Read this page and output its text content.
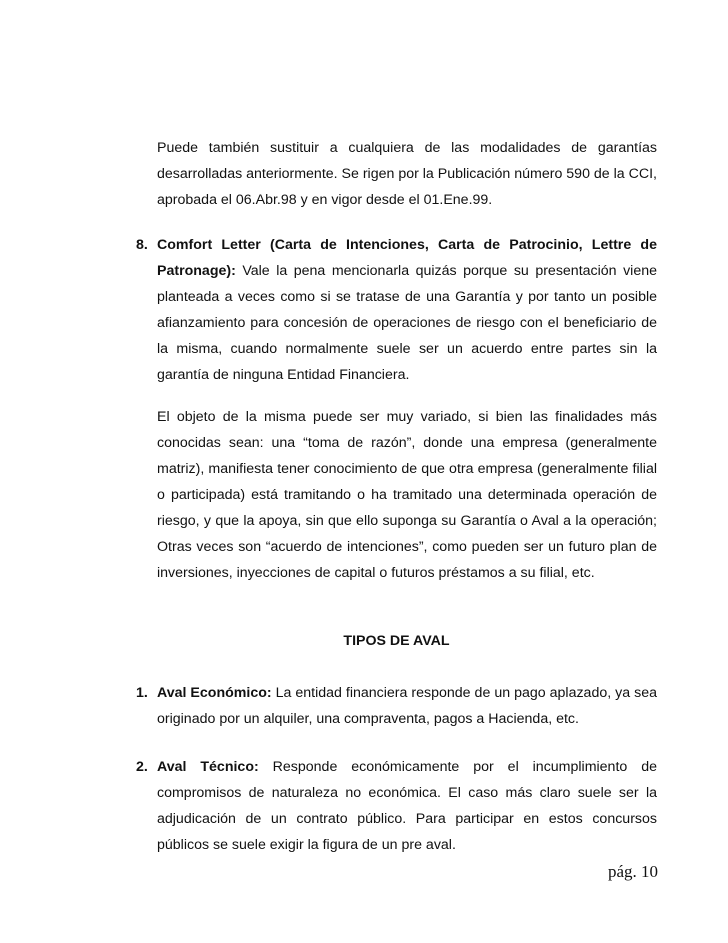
Puede también sustituir a cualquiera de las modalidades de garantías desarrolladas anteriormente. Se rigen por la Publicación número 590 de la CCI, aprobada el 06.Abr.98 y en vigor desde el 01.Ene.99.

8. Comfort Letter (Carta de Intenciones, Carta de Patrocinio, Lettre de Patronage): Vale la pena mencionarla quizás porque su presentación viene planteada a veces como si se tratase de una Garantía y por tanto un posible afianzamiento para concesión de operaciones de riesgo con el beneficiario de la misma, cuando normalmente suele ser un acuerdo entre partes sin la garantía de ninguna Entidad Financiera.

El objeto de la misma puede ser muy variado, si bien las finalidades más conocidas sean: una “toma de razón”, donde una empresa (generalmente matriz), manifiesta tener conocimiento de que otra empresa (generalmente filial o participada) está tramitando o ha tramitado una determinada operación de riesgo, y que la apoya, sin que ello suponga su Garantía o Aval a la operación; Otras veces son “acuerdo de intenciones”, como pueden ser un futuro plan de inversiones, inyecciones de capital o futuros préstamos a su filial, etc.

TIPOS DE AVAL

1. Aval Económico: La entidad financiera responde de un pago aplazado, ya sea originado por un alquiler, una compraventa, pagos a Hacienda, etc.

2. Aval Técnico: Responde económicamente por el incumplimiento de compromisos de naturaleza no económica. El caso más claro suele ser la adjudicación de un contrato público. Para participar en estos concursos públicos se suele exigir la figura de un pre aval.

pág. 10
